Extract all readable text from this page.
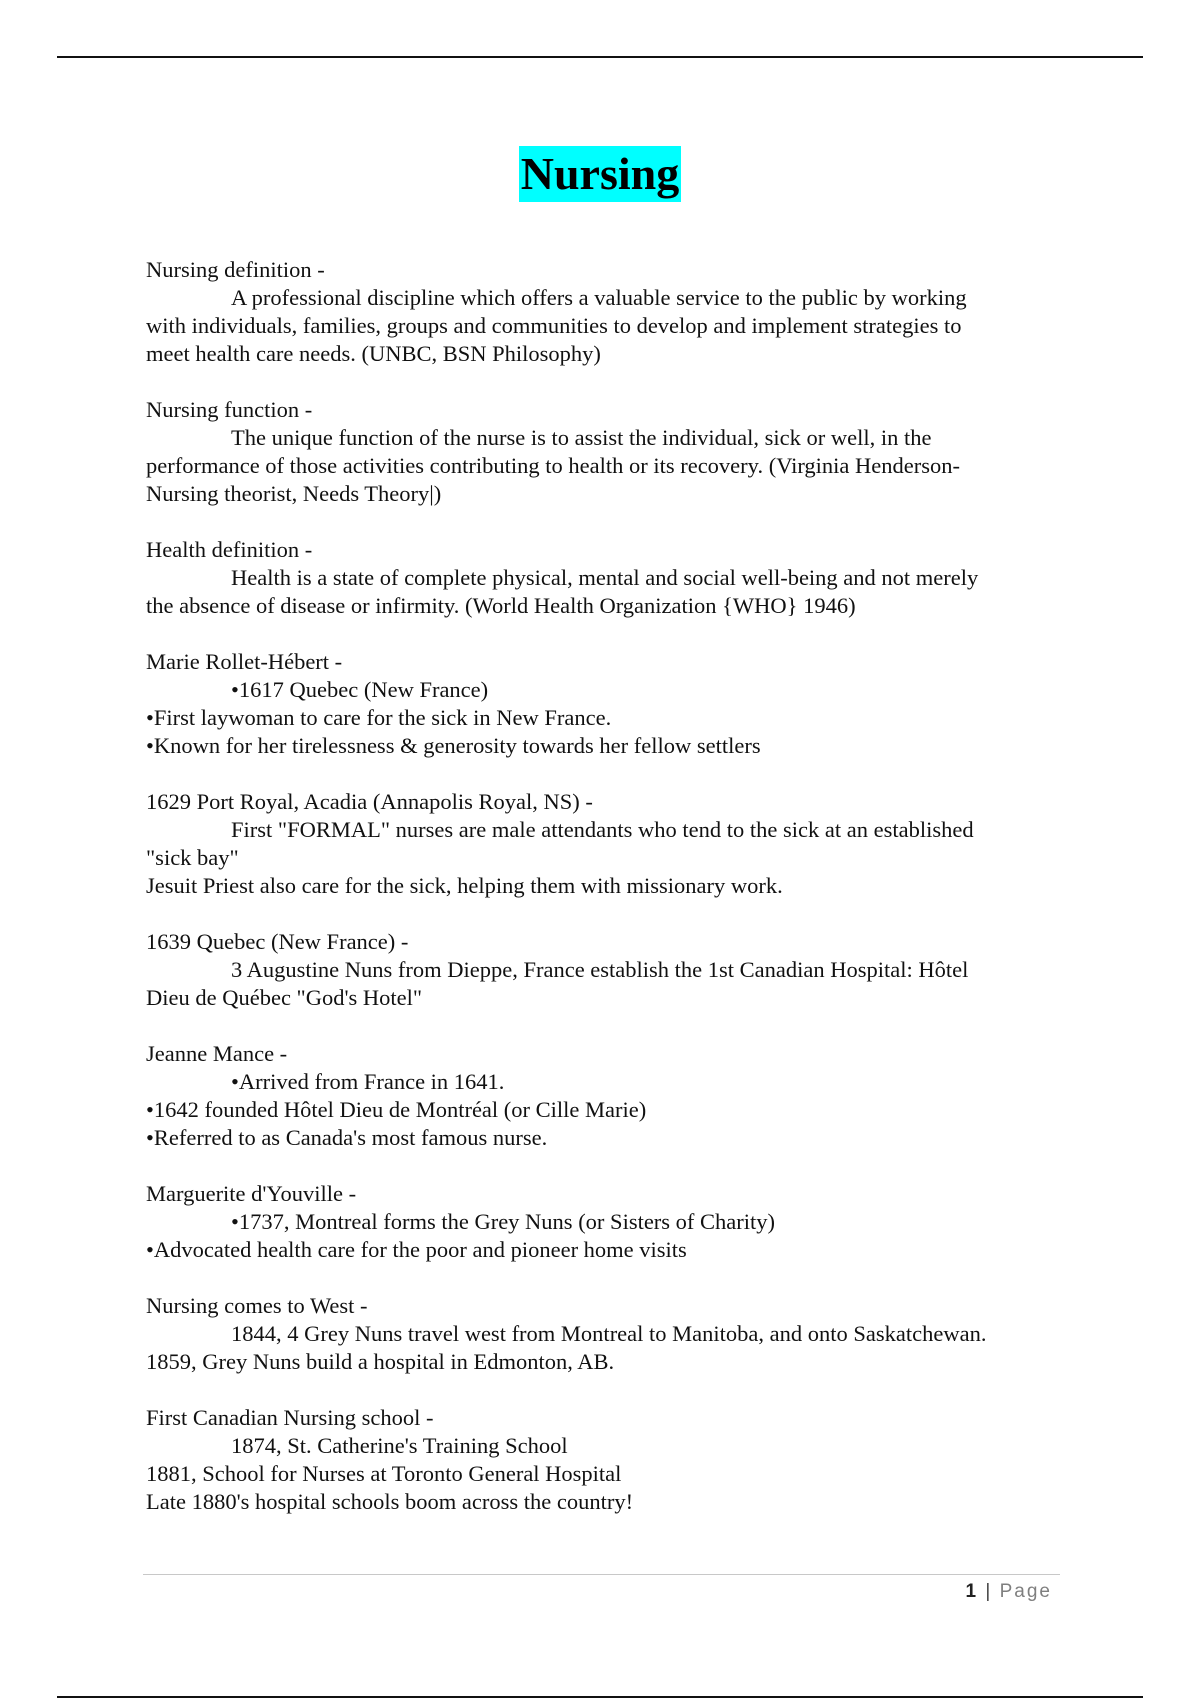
Nursing
Nursing definition -
A professional discipline which offers a valuable service to the public by working
with individuals, families, groups and communities to develop and implement strategies to
meet health care needs. (UNBC, BSN Philosophy)
Nursing function -
The unique function of the nurse is to assist the individual, sick or well, in the
performance of those activities contributing to health or its recovery. (Virginia Henderson-
Nursing theorist, Needs Theory|)
Health definition -
Health is a state of complete physical, mental and social well-being and not merely
the absence of disease or infirmity. (World Health Organization {WHO} 1946)
Marie Rollet-Hébert -
•1617 Quebec (New France)
•First laywoman to care for the sick in New France.
•Known for her tirelessness & generosity towards her fellow settlers
1629 Port Royal, Acadia (Annapolis Royal, NS) -
First "FORMAL" nurses are male attendants who tend to the sick at an established
"sick bay"
Jesuit Priest also care for the sick, helping them with missionary work.
1639 Quebec (New France) -
3 Augustine Nuns from Dieppe, France establish the 1st Canadian Hospital: Hôtel
Dieu de Québec "God's Hotel"
Jeanne Mance -
•Arrived from France in 1641.
•1642 founded Hôtel Dieu de Montréal (or Cille Marie)
•Referred to as Canada's most famous nurse.
Marguerite d'Youville -
•1737, Montreal forms the Grey Nuns (or Sisters of Charity)
•Advocated health care for the poor and pioneer home visits
Nursing comes to West -
1844, 4 Grey Nuns travel west from Montreal to Manitoba, and onto Saskatchewan.
1859, Grey Nuns build a hospital in Edmonton, AB.
First Canadian Nursing school -
1874, St. Catherine's Training School
1881, School for Nurses at Toronto General Hospital
Late 1880's hospital schools boom across the country!
1 | Page
